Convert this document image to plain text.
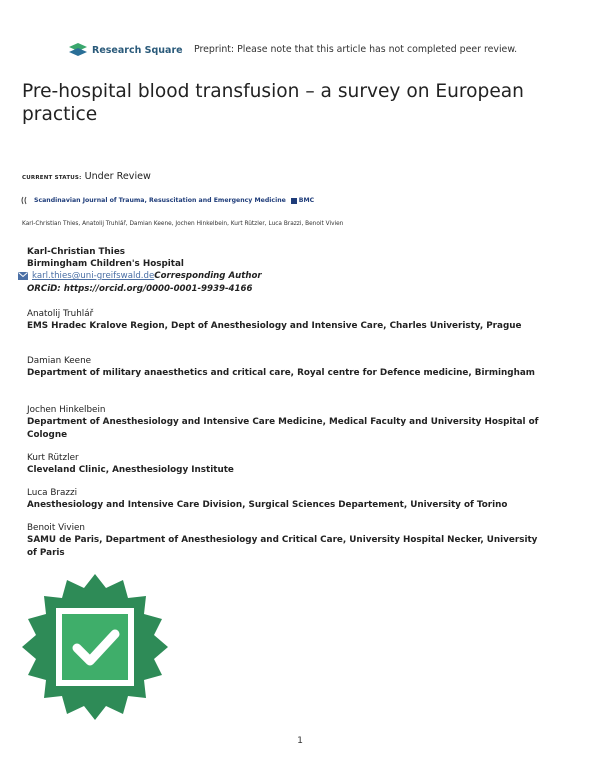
Research Square Preprint: Please note that this article has not completed peer review.
Pre-hospital blood transfusion – a survey on European practice
CURRENT STATUS: Under Review
Scandinavian Journal of Trauma, Resuscitation and Emergency Medicine BMC
Karl-Christian Thies, Anatolij Truhlář, Damian Keene, Jochen Hinkelbein, Kurt Rützler, Luca Brazzi, Benoit Vivien
Karl-Christian Thies
Birmingham Children's Hospital
karl.thies@uni-greifswald.de Corresponding Author
ORCiD: https://orcid.org/0000-0001-9939-4166
Anatolij Truhlář
EMS Hradec Kralove Region, Dept of Anesthesiology and Intensive Care, Charles Univeristy, Prague
Damian Keene
Department of military anaesthetics and critical care, Royal centre for Defence medicine, Birmingham
Jochen Hinkelbein
Department of Anesthesiology and Intensive Care Medicine, Medical Faculty and University Hospital of Cologne
Kurt Rützler
Cleveland Clinic, Anesthesiology Institute
Luca Brazzi
Anesthesiology and Intensive Care Division, Surgical Sciences Departement, University of Torino
Benoit Vivien
SAMU de Paris, Department of Anesthesiology and Critical Care, University Hospital Necker, University of Paris
1
